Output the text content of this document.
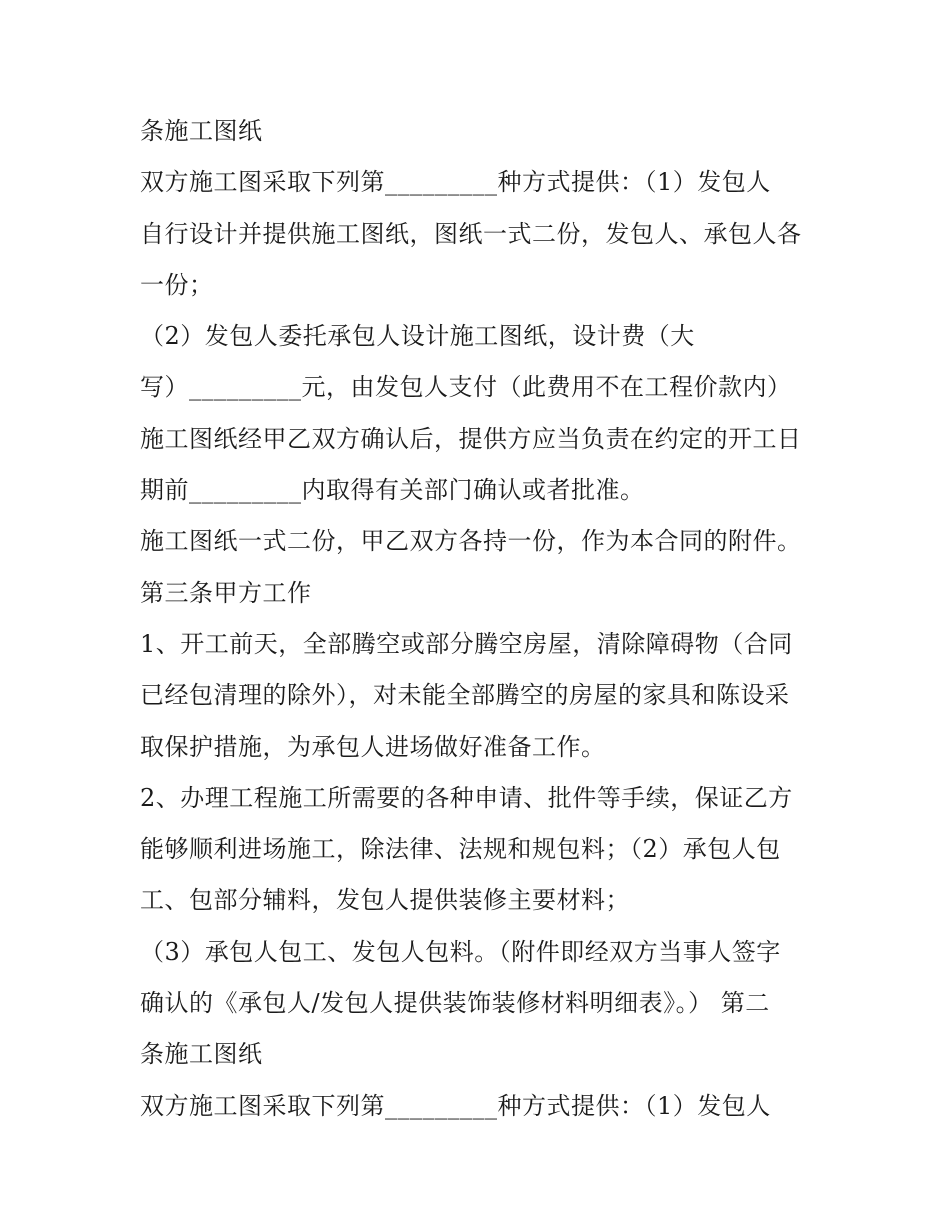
条施工图纸
双方施工图采取下列第_________种方式提供：（1）发包人
自行设计并提供施工图纸，图纸一式二份，发包人、承包人各
一份；
（2）发包人委托承包人设计施工图纸，设计费（大
写）_________元，由发包人支付（此费用不在工程价款内）
施工图纸经甲乙双方确认后，提供方应当负责在约定的开工日
期前_________内取得有关部门确认或者批准。
施工图纸一式二份，甲乙双方各持一份，作为本合同的附件。
第三条甲方工作
1、开工前天，全部腾空或部分腾空房屋，清除障碍物（合同
已经包清理的除外），对未能全部腾空的房屋的家具和陈设采
取保护措施，为承包人进场做好准备工作。
2、办理工程施工所需要的各种申请、批件等手续，保证乙方
能够顺利进场施工，除法律、法规和规包料；（2）承包人包
工、包部分辅料，发包人提供装修主要材料；
（3）承包人包工、发包人包料。（附件即经双方当事人签字
确认的《承包人/发包人提供装饰装修材料明细表》。） 第二
条施工图纸
双方施工图采取下列第_________种方式提供：（1）发包人
